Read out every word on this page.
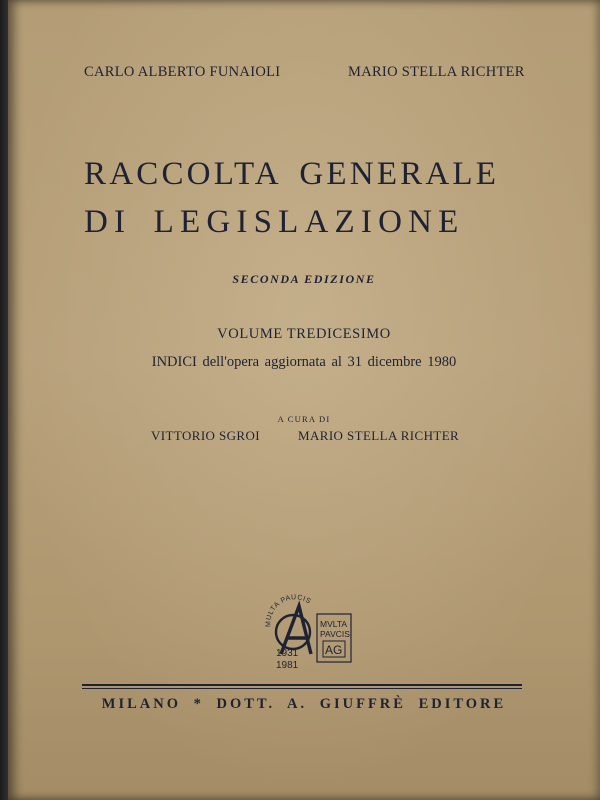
CARLO ALBERTO FUNAIOLI	MARIO STELLA RICHTER
RACCOLTA GENERALE
DI LEGISLAZIONE
SECONDA EDIZIONE
VOLUME TREDICESIMO
INDICI dell'opera aggiornata al 31 dicembre 1980
A CURA DI
VITTORIO SGROI	MARIO STELLA RICHTER
MULTA PAUCIS
MVLTA
PAVCIS
AG
1931
1981
MILANO * DOTT. A. GIUFFRÈ EDITORE
